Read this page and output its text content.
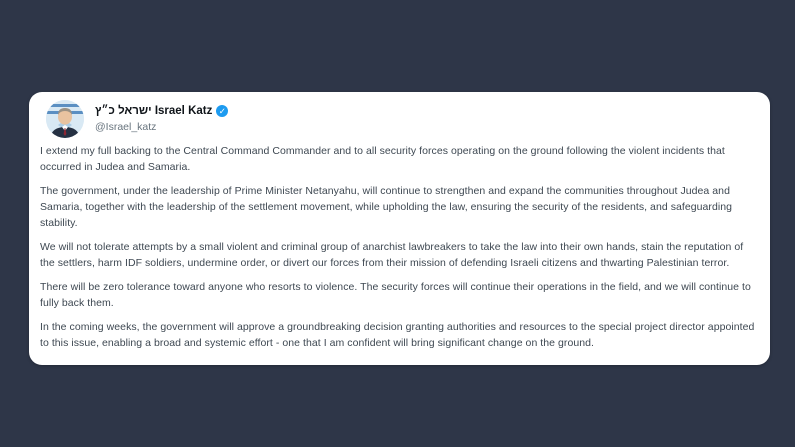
ישראל כ״ץ Israel Katz ✓
@Israel_katz

I extend my full backing to the Central Command Commander and to all security forces operating on the ground following the violent incidents that occurred in Judea and Samaria.

The government, under the leadership of Prime Minister Netanyahu, will continue to strengthen and expand the communities throughout Judea and Samaria, together with the leadership of the settlement movement, while upholding the law, ensuring the security of the residents, and safeguarding stability.

We will not tolerate attempts by a small violent and criminal group of anarchist lawbreakers to take the law into their own hands, stain the reputation of the settlers, harm IDF soldiers, undermine order, or divert our forces from their mission of defending Israeli citizens and thwarting Palestinian terror.

There will be zero tolerance toward anyone who resorts to violence. The security forces will continue their operations in the field, and we will continue to fully back them.

In the coming weeks, the government will approve a groundbreaking decision granting authorities and resources to the special project director appointed to this issue, enabling a broad and systemic effort - one that I am confident will bring significant change on the ground.
